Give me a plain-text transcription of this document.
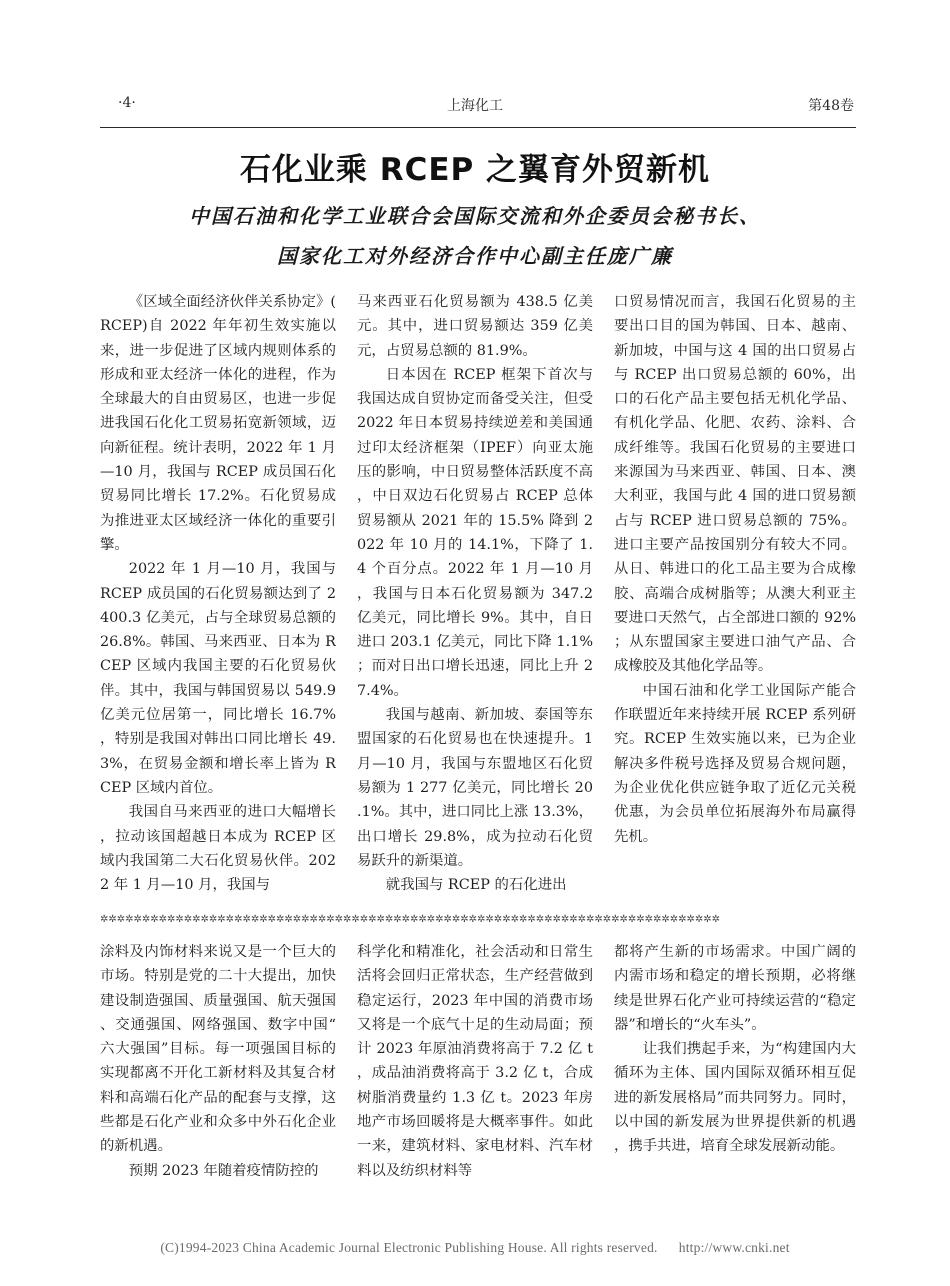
·4·	上海化工	第48卷
石化业乘 RCEP 之翼育外贸新机
中国石油和化学工业联合会国际交流和外企委员会秘书长、
国家化工对外经济合作中心副主任庞广廉

《区域全面经济伙伴关系协定》(RCEP)自 2022 年年初生效实施以来，进一步促进了区域内规则体系的形成和亚太经济一体化的进程，作为全球最大的自由贸易区，也进一步促进我国石化化工贸易拓宽新领域，迈向新征程。统计表明，2022 年 1 月—10 月，我国与 RCEP 成员国石化贸易同比增长 17.2%。石化贸易成为推进亚太区域经济一体化的重要引擎。

2022 年 1 月—10 月，我国与 RCEP 成员国的石化贸易额达到了 2 400.3 亿美元，占与全球贸易总额的 26.8%。韩国、马来西亚、日本为 RCEP 区域内我国主要的石化贸易伙伴。其中，我国与韩国贸易以 549.9 亿美元位居第一，同比增长 16.7%，特别是我国对韩出口同比增长 49.3%，在贸易金额和增长率上皆为 RCEP 区域内首位。

我国自马来西亚的进口大幅增长，拉动该国超越日本成为 RCEP 区域内我国第二大石化贸易伙伴。2022 年 1 月—10 月，我国与

马来西亚石化贸易额为 438.5 亿美元。其中，进口贸易额达 359 亿美元，占贸易总额的 81.9%。

日本因在 RCEP 框架下首次与我国达成自贸协定而备受关注，但受 2022 年日本贸易持续逆差和美国通过印太经济框架（IPEF）向亚太施压的影响，中日贸易整体活跃度不高，中日双边石化贸易占 RCEP 总体贸易额从 2021 年的 15.5% 降到 2022 年 10 月的 14.1%，下降了 1.4 个百分点。2022 年 1 月—10 月，我国与日本石化贸易额为 347.2 亿美元，同比增长 9%。其中，自日进口 203.1 亿美元，同比下降 1.1%；而对日出口增长迅速，同比上升 27.4%。

我国与越南、新加坡、泰国等东盟国家的石化贸易也在快速提升。1 月—10 月，我国与东盟地区石化贸易额为 1 277 亿美元，同比增长 20.1%。其中，进口同比上涨 13.3%，出口增长 29.8%，成为拉动石化贸易跃升的新渠道。

就我国与 RCEP 的石化进出

口贸易情况而言，我国石化贸易的主要出口目的国为韩国、日本、越南、新加坡，中国与这 4 国的出口贸易占与 RCEP 出口贸易总额的 60%，出口的石化产品主要包括无机化学品、有机化学品、化肥、农药、涂料、合成纤维等。我国石化贸易的主要进口来源国为马来西亚、韩国、日本、澳大利亚，我国与此 4 国的进口贸易额占与 RCEP 进口贸易总额的 75%。进口主要产品按国别分有较大不同。从日、韩进口的化工品主要为合成橡胶、高端合成树脂等；从澳大利亚主要进口天然气，占全部进口额的 92%；从东盟国家主要进口油气产品、合成橡胶及其他化学品等。

中国石油和化学工业国际产能合作联盟近年来持续开展 RCEP 系列研究。RCEP 生效实施以来，已为企业解决多件税号选择及贸易合规问题，为企业优化供应链争取了近亿元关税优惠，为会员单位拓展海外布局赢得先机。

✲✲✲✲✲✲✲✲✲✲✲✲✲✲✲✲✲✲✲✲✲✲✲✲✲✲✲✲✲✲✲✲✲✲✲✲✲✲✲✲✲✲✲✲✲✲✲✲✲✲✲✲✲✲✲✲✲✲✲✲✲✲✲✲✲✲✲✲✲✲✲✲✲✲

涂料及内饰材料来说又是一个巨大的市场。特别是党的二十大提出，加快建设制造强国、质量强国、航天强国、交通强国、网络强国、数字中国“六大强国”目标。每一项强国目标的实现都离不开化工新材料及其复合材料和高端石化产品的配套与支撑，这些都是石化产业和众多中外石化企业的新机遇。

预期 2023 年随着疫情防控的

科学化和精准化，社会活动和日常生活将会回归正常状态，生产经营做到稳定运行，2023 年中国的消费市场又将是一个底气十足的生动局面；预计 2023 年原油消费将高于 7.2 亿 t，成品油消费将高于 3.2 亿 t，合成树脂消费量约 1.3 亿 t。2023 年房地产市场回暖将是大概率事件。如此一来，建筑材料、家电材料、汽车材料以及纺织材料等

都将产生新的市场需求。中国广阔的内需市场和稳定的增长预期，必将继续是世界石化产业可持续运营的“稳定器”和增长的“火车头”。

让我们携起手来，为“构建国内大循环为主体、国内国际双循环相互促进的新发展格局”而共同努力。同时，以中国的新发展为世界提供新的机遇，携手共进，培育全球发展新动能。

(C)1994-2023 China Academic Journal Electronic Publishing House. All rights reserved. http://www.cnki.net
